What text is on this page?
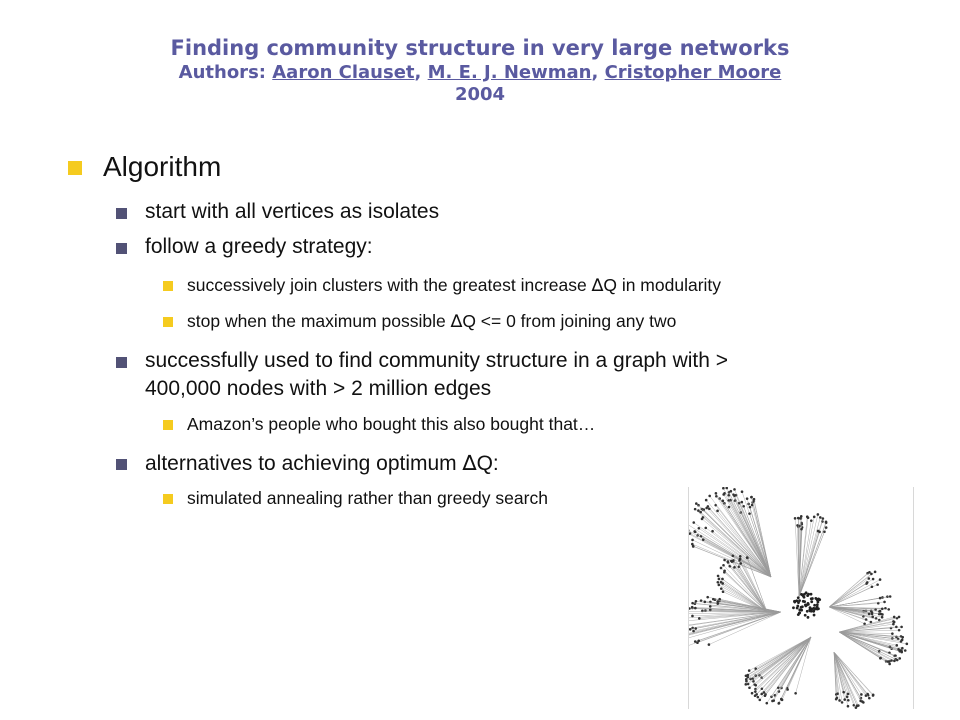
Finding community structure in very large networks
Authors: Aaron Clauset, M. E. J. Newman, Cristopher Moore
2004
Algorithm
start with all vertices as isolates
follow a greedy strategy:
successively join clusters with the greatest increase ∆Q in modularity
stop when the maximum possible ∆Q <= 0 from joining any two
successfully used to find community structure in a graph with >
400,000 nodes with > 2 million edges
Amazon’s people who bought this also bought that…
alternatives to achieving optimum ∆Q:
simulated annealing rather than greedy search
